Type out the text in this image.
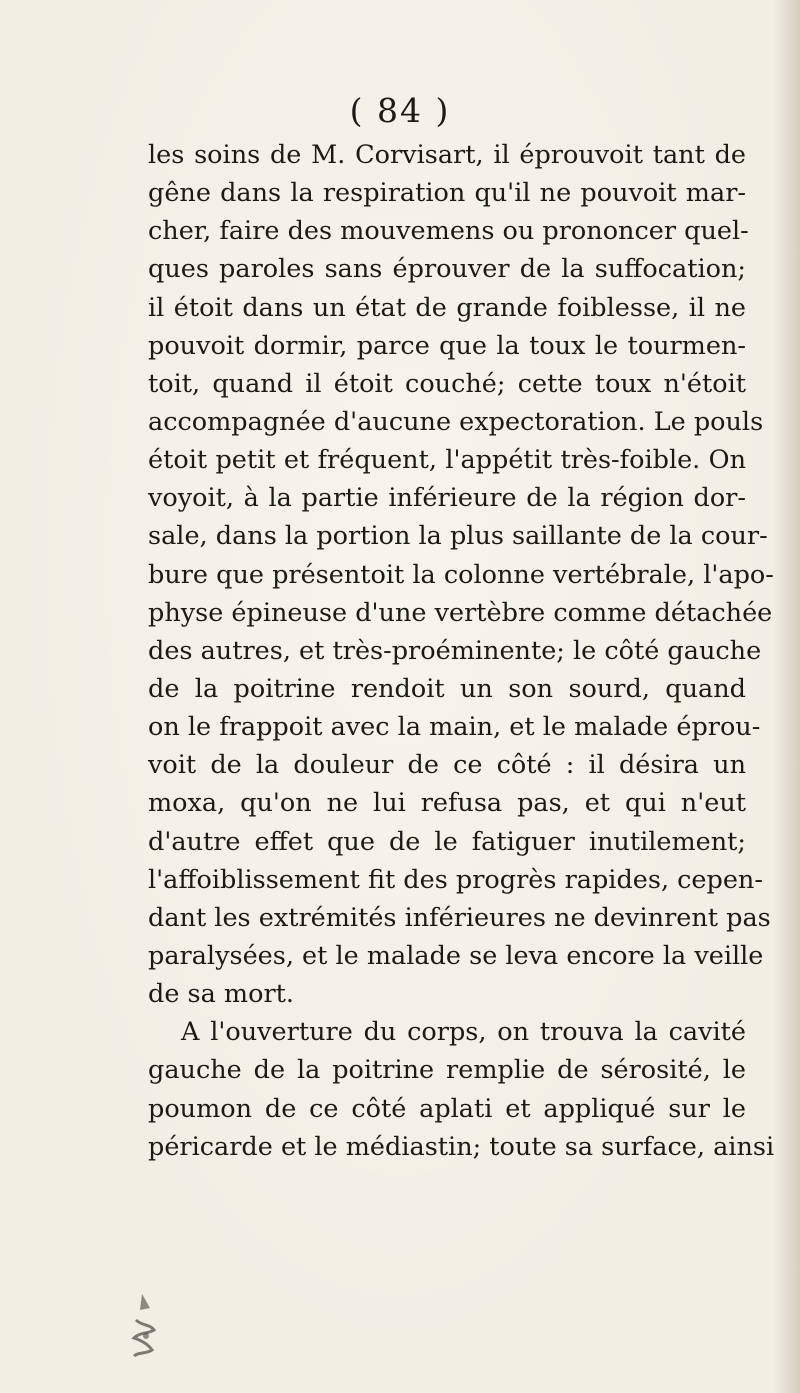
( 84 )
les soins de M. Corvisart, il éprouvoit tant de
gêne dans la respiration qu'il ne pouvoit mar-
cher, faire des mouvemens ou prononcer quel-
ques paroles sans éprouver de la suffocation;
il étoit dans un état de grande foiblesse, il ne
pouvoit dormir, parce que la toux le tourmen-
toit, quand il étoit couché; cette toux n'étoit
accompagnée d'aucune expectoration. Le pouls
étoit petit et fréquent, l'appétit très-foible. On
voyoit, à la partie inférieure de la région dor-
sale, dans la portion la plus saillante de la cour-
bure que présentoit la colonne vertébrale, l'apo-
physe épineuse d'une vertèbre comme détachée
des autres, et très-proéminente; le côté gauche
de la poitrine rendoit un son sourd, quand
on le frappoit avec la main, et le malade éprou-
voit de la douleur de ce côté : il désira un
moxa, qu'on ne lui refusa pas, et qui n'eut
d'autre effet que de le fatiguer inutilement;
l'affoiblissement fit des progrès rapides, cepen-
dant les extrémités inférieures ne devinrent pas
paralysées, et le malade se leva encore la veille
de sa mort.
A l'ouverture du corps, on trouva la cavité
gauche de la poitrine remplie de sérosité, le
poumon de ce côté aplati et appliqué sur le
péricarde et le médiastin; toute sa surface, ainsi
